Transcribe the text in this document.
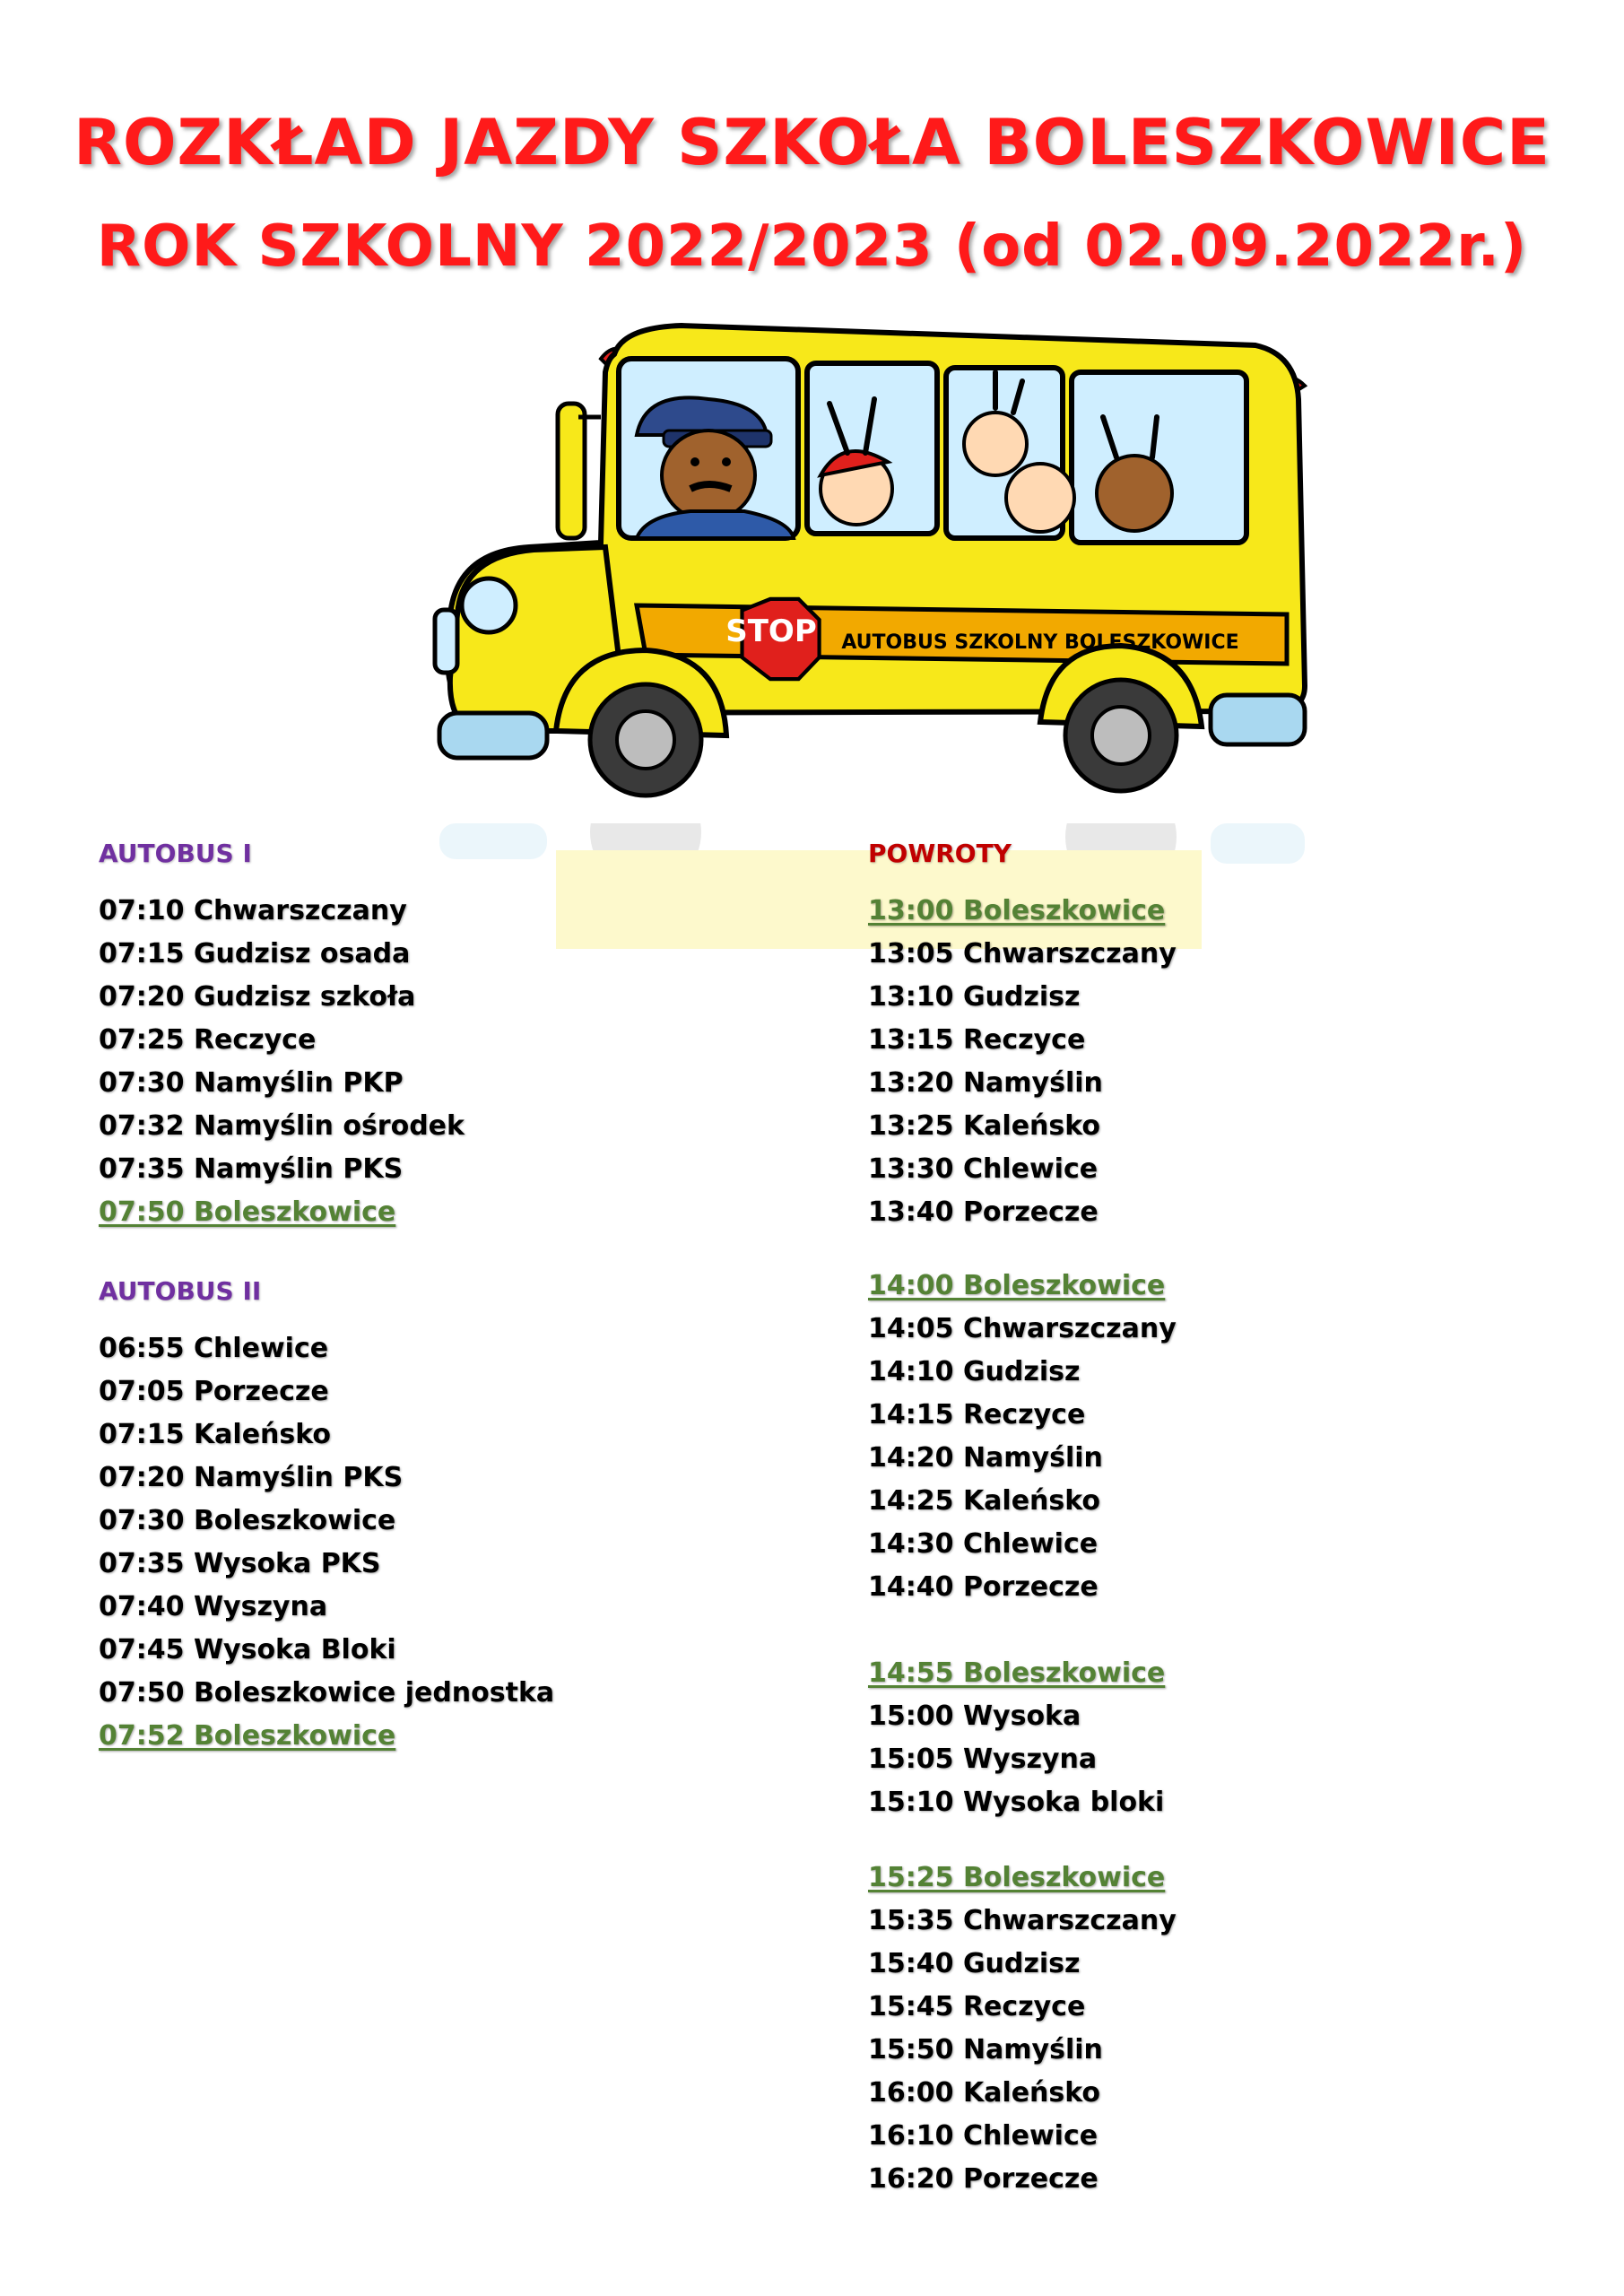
ROZKŁAD JAZDY SZKOŁA BOLESZKOWICE
ROK SZKOLNY 2022/2023 (od 02.09.2022r.)
STOP AUTOBUS SZKOLNY BOLESZKOWICE
AUTOBUS I
07:10 Chwarszczany
07:15 Gudzisz osada
07:20 Gudzisz szkoła
07:25 Reczyce
07:30 Namyślin PKP
07:32 Namyślin ośrodek
07:35 Namyślin PKS
07:50 Boleszkowice
AUTOBUS II
06:55 Chlewice
07:05 Porzecze
07:15 Kaleńsko
07:20 Namyślin PKS
07:30 Boleszkowice
07:35 Wysoka PKS
07:40 Wyszyna
07:45 Wysoka Bloki
07:50 Boleszkowice jednostka
07:52 Boleszkowice
POWROTY
13:00 Boleszkowice
13:05 Chwarszczany
13:10 Gudzisz
13:15 Reczyce
13:20 Namyślin
13:25 Kaleńsko
13:30 Chlewice
13:40 Porzecze
14:00 Boleszkowice
14:05 Chwarszczany
14:10 Gudzisz
14:15 Reczyce
14:20 Namyślin
14:25 Kaleńsko
14:30 Chlewice
14:40 Porzecze
14:55 Boleszkowice
15:00 Wysoka
15:05 Wyszyna
15:10 Wysoka bloki
15:25 Boleszkowice
15:35 Chwarszczany
15:40 Gudzisz
15:45 Reczyce
15:50 Namyślin
16:00 Kaleńsko
16:10 Chlewice
16:20 Porzecze
